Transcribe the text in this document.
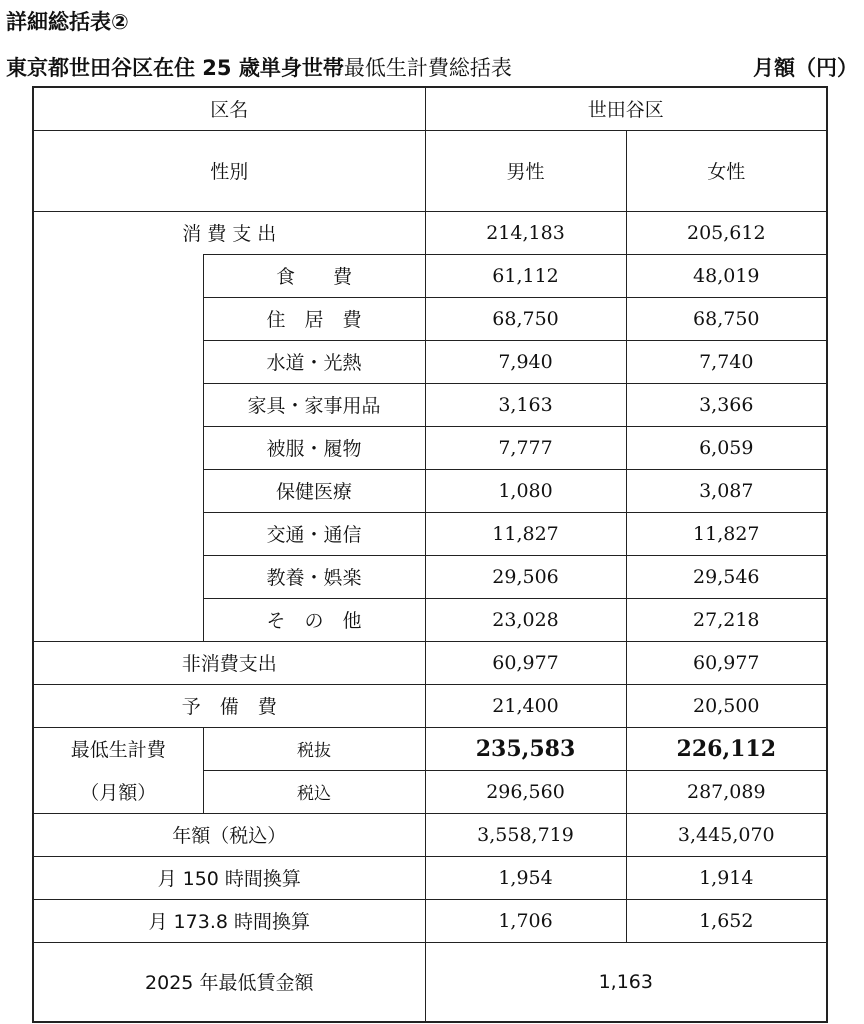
詳細総括表②
東京都世田谷区在住 25 歳単身世帯最低生計費総括表	月額（円）
区名		世田谷区	
性別		男性	女性
消 費 支 出		214,183	205,612
	食　　費	61,112	48,019
	住　居　費	68,750	68,750
	水道・光熱	7,940	7,740
	家具・家事用品	3,163	3,366
	被服・履物	7,777	6,059
	保健医療	1,080	3,087
	交通・通信	11,827	11,827
	教養・娯楽	29,506	29,546
	そ　の　他	23,028	27,218
非消費支出		60,977	60,977
予　備　費		21,400	20,500
最低生計費	税抜	235,583	226,112
（月額）	税込	296,560	287,089
年額（税込）		3,558,719	3,445,070
月 150 時間換算		1,954	1,914
月 173.8 時間換算		1,706	1,652
2025 年最低賃金額		1,163	
